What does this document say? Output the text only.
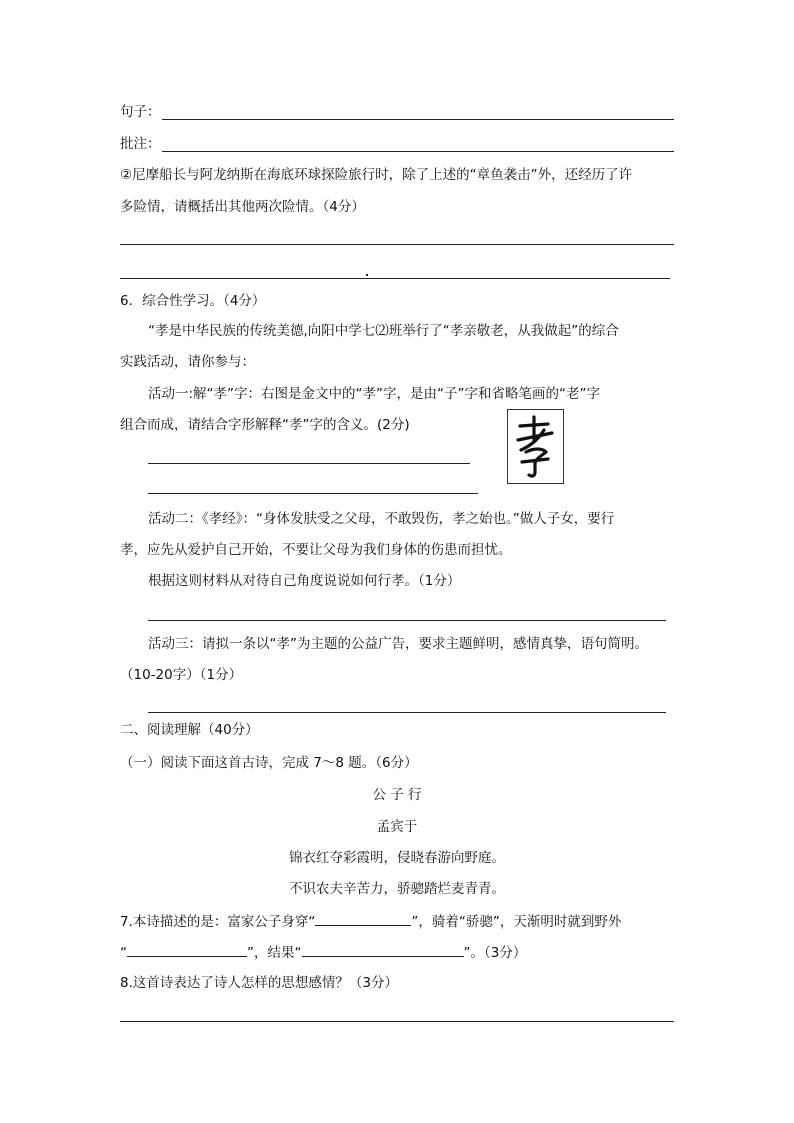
句子：
批注：
②尼摩船长与阿龙纳斯在海底环球探险旅行时，除了上述的“章鱼袭击”外，还经历了许
多险情，请概括出其他两次险情。（4分）
6．综合性学习。（4分）
“孝是中华民族的传统美德,向阳中学七⑵班举行了“孝亲敬老，从我做起”的综合
实践活动，请你参与：
活动一:解“孝”字：右图是金文中的“孝”字，是由“子”字和省略笔画的“老”字
组合而成，请结合字形解释“孝”字的含义。(2分)
活动二：《孝经》：“身体发肤受之父母，不敢毁伤，孝之始也。”做人子女，要行
孝，应先从爱护自己开始，不要让父母为我们身体的伤患而担忧。
根据这则材料从对待自己角度说说如何行孝。（1分）
活动三：请拟一条以“孝”为主题的公益广告，要求主题鲜明，感情真挚，语句简明。
（10-20字）（1分）
二、阅读理解（40分）
（一）阅读下面这首古诗，完成 7～8 题。（6分）
公 子 行
孟宾于
锦衣红夺彩霞明，侵晓春游向野庭。
不识农夫辛苦力，骄骢踏烂麦青青。
7.本诗描述的是：富家公子身穿“	”，骑着“骄骢”，天渐明时就到野外
“	”，结果“	”。（3分）
8.这首诗表达了诗人怎样的思想感情？（3分）
